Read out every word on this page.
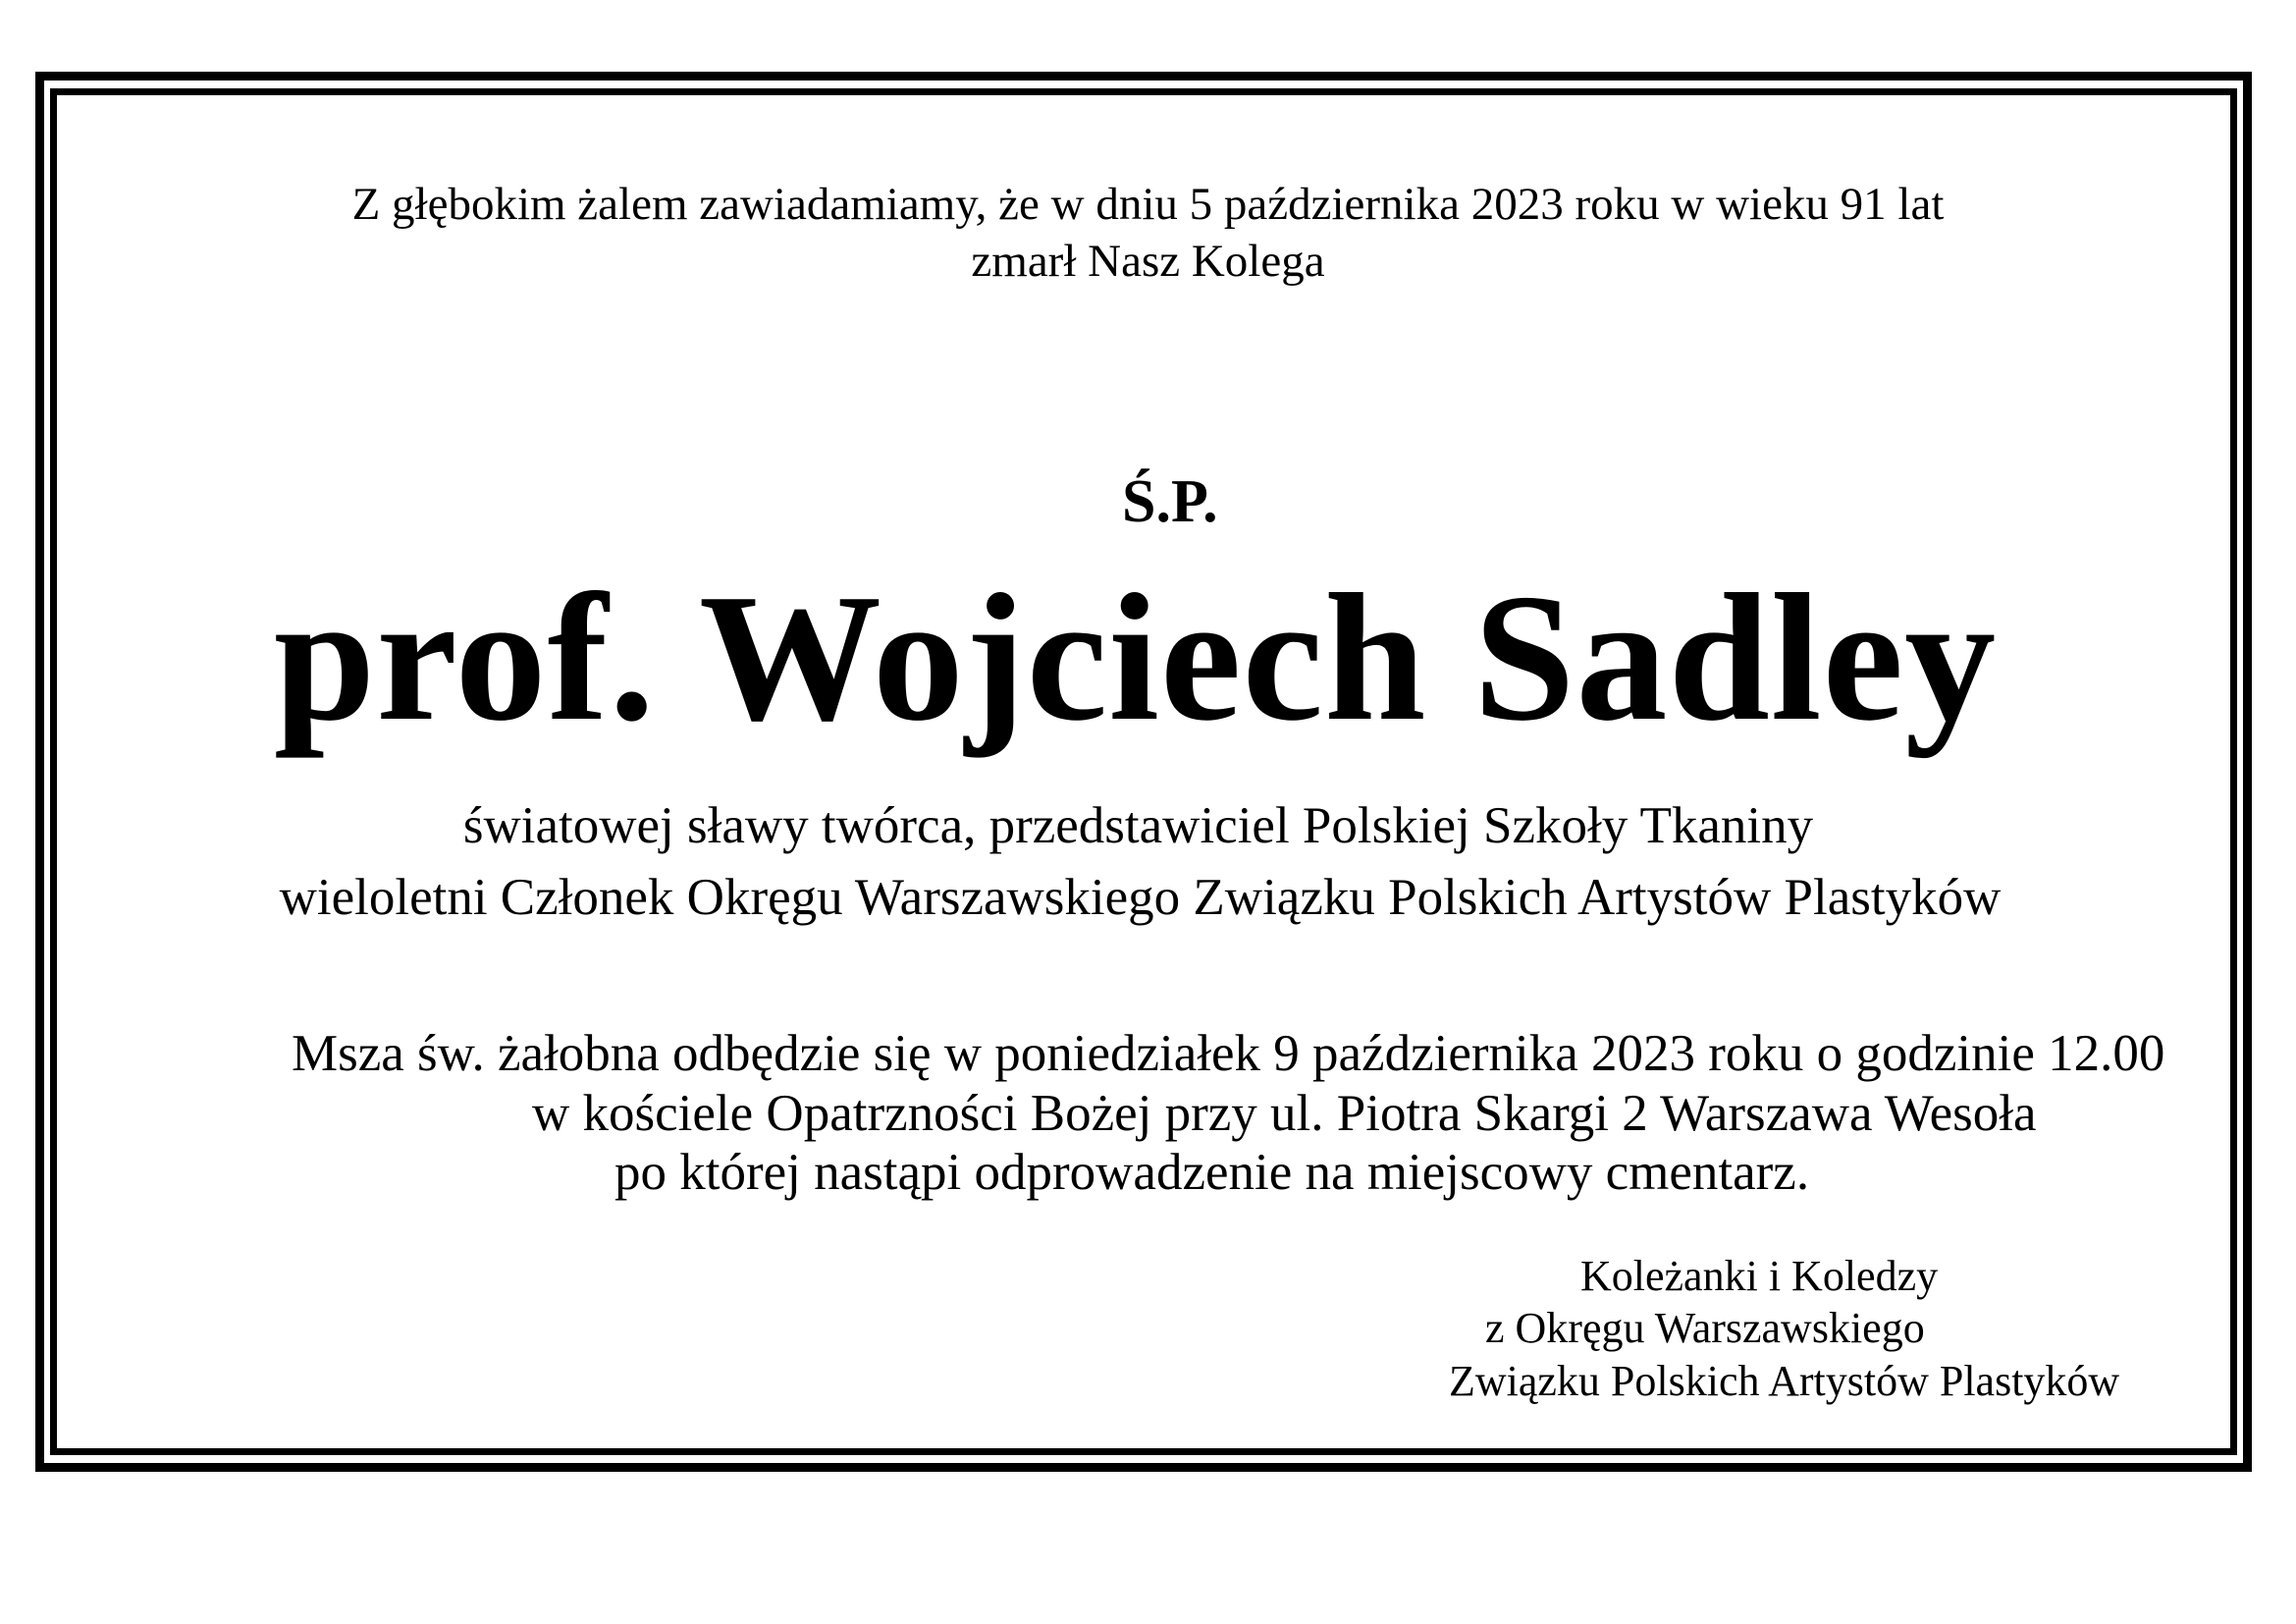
Z głębokim żalem zawiadamiamy, że w dniu 5 października 2023 roku w wieku 91 lat

zmarł Nasz Kolega

Ś.P.

prof. Wojciech Sadley

światowej sławy twórca, przedstawiciel Polskiej Szkoły Tkaniny

wieloletni Członek Okręgu Warszawskiego Związku Polskich Artystów Plastyków

Msza św. żałobna odbędzie się w poniedziałek 9 października 2023 roku o godzinie 12.00

w kościele Opatrzności Bożej przy ul. Piotra Skargi 2 Warszawa Wesoła

po której nastąpi odprowadzenie na miejscowy cmentarz.

Koleżanki i Koledzy
z Okręgu Warszawskiego
Związku Polskich Artystów Plastyków
